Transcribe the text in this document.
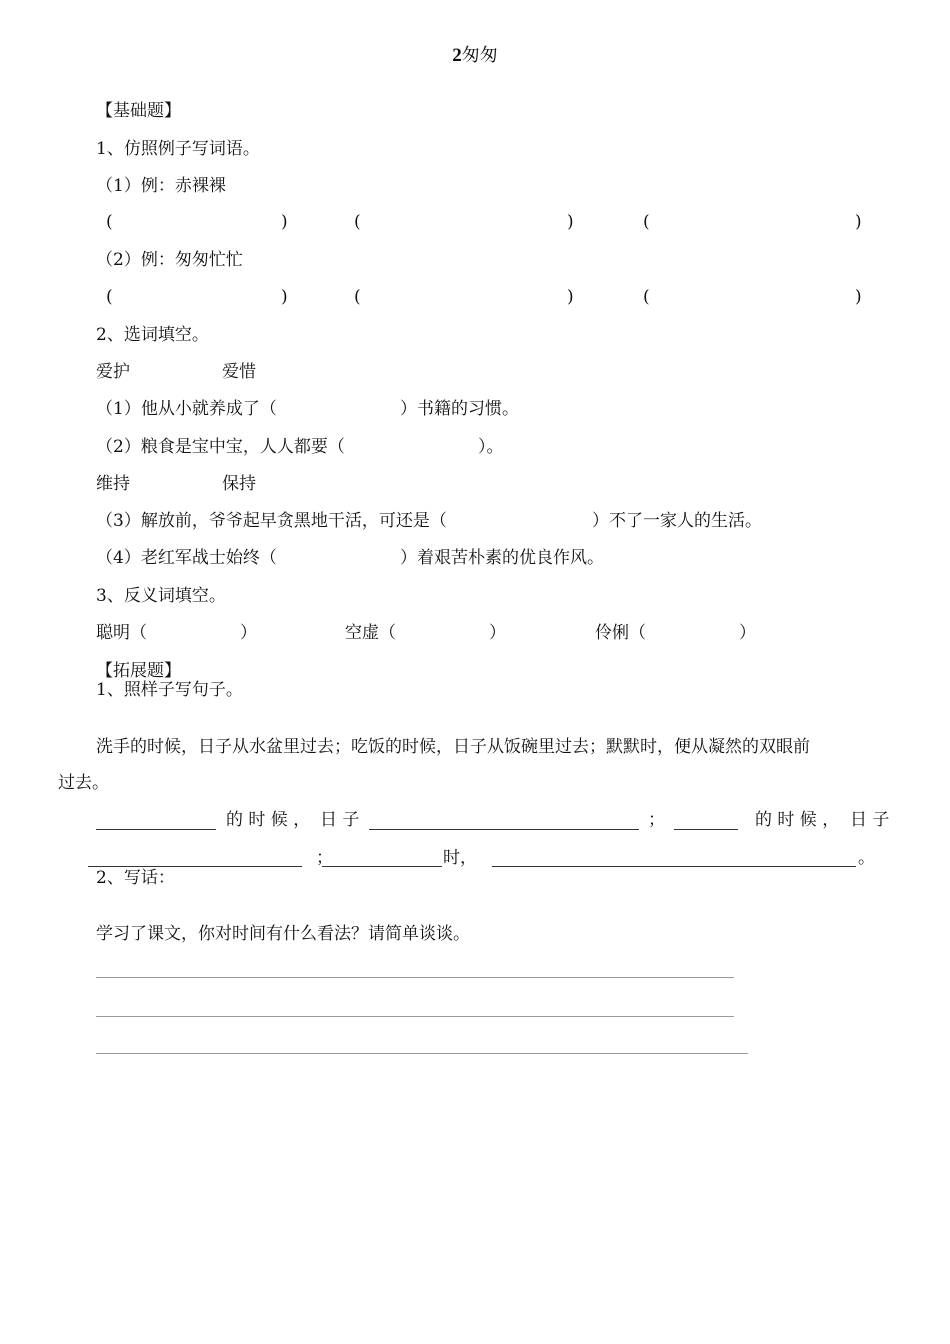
2匆匆
【基础题】
1、仿照例子写词语。
（1）例：赤裸裸
(	)	(	)	(	)
（2）例：匆匆忙忙
(	)	(	)	(	)
2、选词填空。
爱护	爱惜
（1）他从小就养成了（	）书籍的习惯。
（2）粮食是宝中宝，人人都要（	）。
维持	保持
（3）解放前，爷爷起早贪黑地干活，可还是（	）不了一家人的生活。
（4）老红军战士始终（	）着艰苦朴素的优良作风。
3、反义词填空。
聪明（	）	空虚（	）	伶俐（	）
【拓展题】
1、照样子写句子。
洗手的时候，日子从水盆里过去；吃饭的时候，日子从饭碗里过去；默默时，便从凝然的双眼前
过去。
的 时 候 ， 日 子	；	的 时 候 ， 日 子
；	时，	。
2、写话：
学习了课文，你对时间有什么看法？请简单谈谈。
